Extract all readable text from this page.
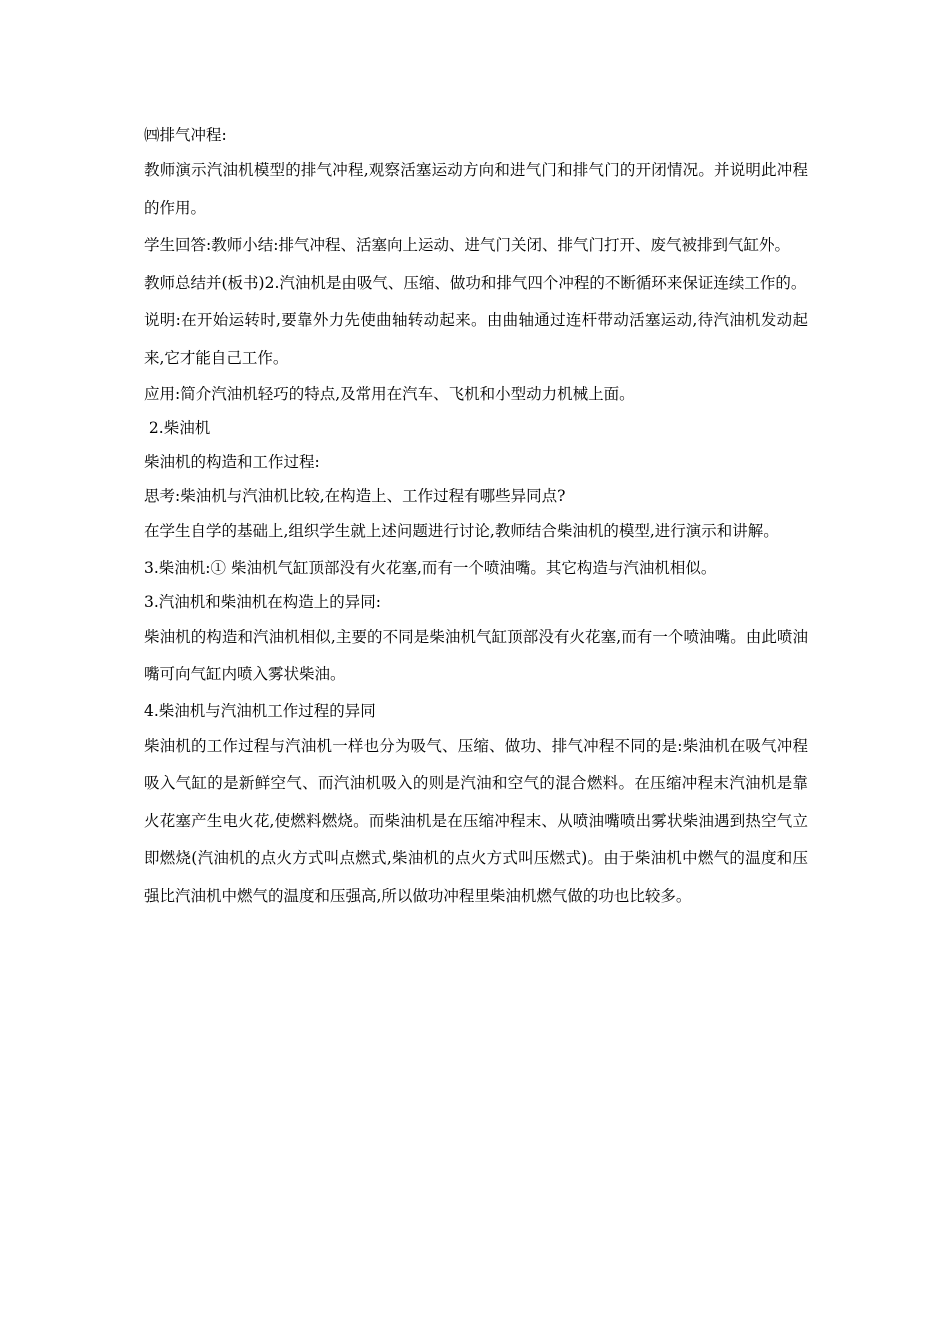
㈣排气冲程:

教师演示汽油机模型的排气冲程,观察活塞运动方向和进气门和排气门的开闭情况。并说明此冲程的作用。

学生回答:教师小结:排气冲程、活塞向上运动、进气门关闭、排气门打开、废气被排到气缸外。

教师总结并(板书)2.汽油机是由吸气、压缩、做功和排气四个冲程的不断循环来保证连续工作的。

说明:在开始运转时,要靠外力先使曲轴转动起来。由曲轴通过连杆带动活塞运动,待汽油机发动起来,它才能自己工作。

应用:简介汽油机轻巧的特点,及常用在汽车、飞机和小型动力机械上面。

2.柴油机

柴油机的构造和工作过程:

思考:柴油机与汽油机比较,在构造上、工作过程有哪些异同点?

在学生自学的基础上,组织学生就上述问题进行讨论,教师结合柴油机的模型,进行演示和讲解。

3.柴油机:① 柴油机气缸顶部没有火花塞,而有一个喷油嘴。其它构造与汽油机相似。

3.汽油机和柴油机在构造上的异同:

柴油机的构造和汽油机相似,主要的不同是柴油机气缸顶部没有火花塞,而有一个喷油嘴。由此喷油嘴可向气缸内喷入雾状柴油。

4.柴油机与汽油机工作过程的异同

柴油机的工作过程与汽油机一样也分为吸气、压缩、做功、排气冲程不同的是:柴油机在吸气冲程吸入气缸的是新鲜空气、而汽油机吸入的则是汽油和空气的混合燃料。在压缩冲程末汽油机是靠火花塞产生电火花,使燃料燃烧。而柴油机是在压缩冲程末、从喷油嘴喷出雾状柴油遇到热空气立即燃烧(汽油机的点火方式叫点燃式,柴油机的点火方式叫压燃式)。由于柴油机中燃气的温度和压强比汽油机中燃气的温度和压强高,所以做功冲程里柴油机燃气做的功也比较多。
